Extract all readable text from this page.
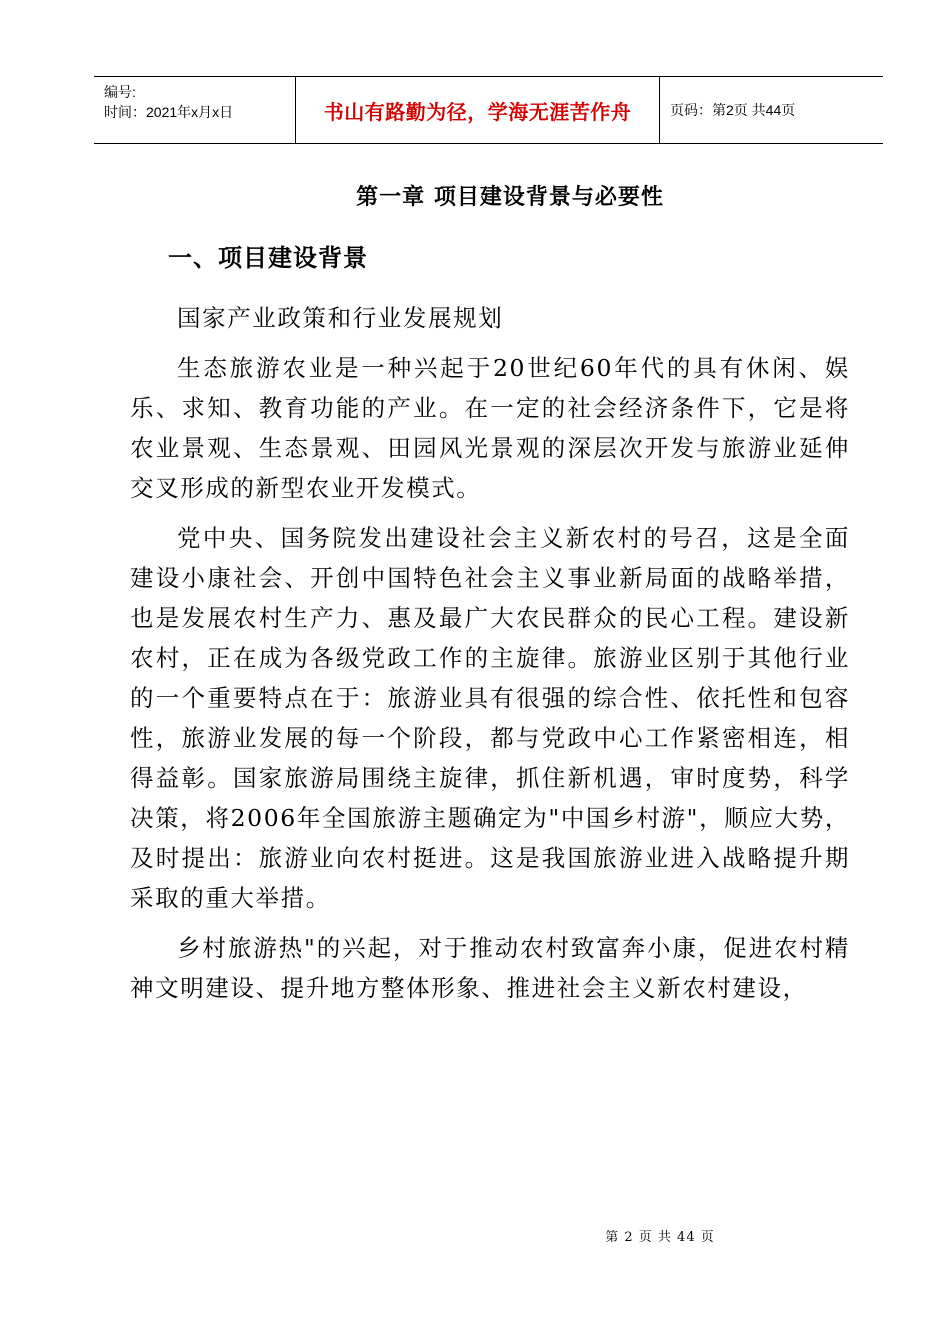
编号:
时间：2021年x月x日	书山有路勤为径，学海无涯苦作舟	页码：第2页 共44页
第一章 项目建设背景与必要性
一、项目建设背景

国家产业政策和行业发展规划

生态旅游农业是一种兴起于20世纪60年代的具有休闲、娱乐、求知、教育功能的产业。在一定的社会经济条件下，它是将农业景观、生态景观、田园风光景观的深层次开发与旅游业延伸交叉形成的新型农业开发模式。

党中央、国务院发出建设社会主义新农村的号召，这是全面建设小康社会、开创中国特色社会主义事业新局面的战略举措，也是发展农村生产力、惠及最广大农民群众的民心工程。建设新农村，正在成为各级党政工作的主旋律。旅游业区别于其他行业的一个重要特点在于：旅游业具有很强的综合性、依托性和包容性，旅游业发展的每一个阶段，都与党政中心工作紧密相连，相得益彰。国家旅游局围绕主旋律，抓住新机遇，审时度势，科学决策，将2006年全国旅游主题确定为"中国乡村游"，顺应大势，及时提出：旅游业向农村挺进。这是我国旅游业进入战略提升期采取的重大举措。

乡村旅游热"的兴起，对于推动农村致富奔小康，促进农村精神文明建设、提升地方整体形象、推进社会主义新农村建设，

第 2 页 共 44 页
